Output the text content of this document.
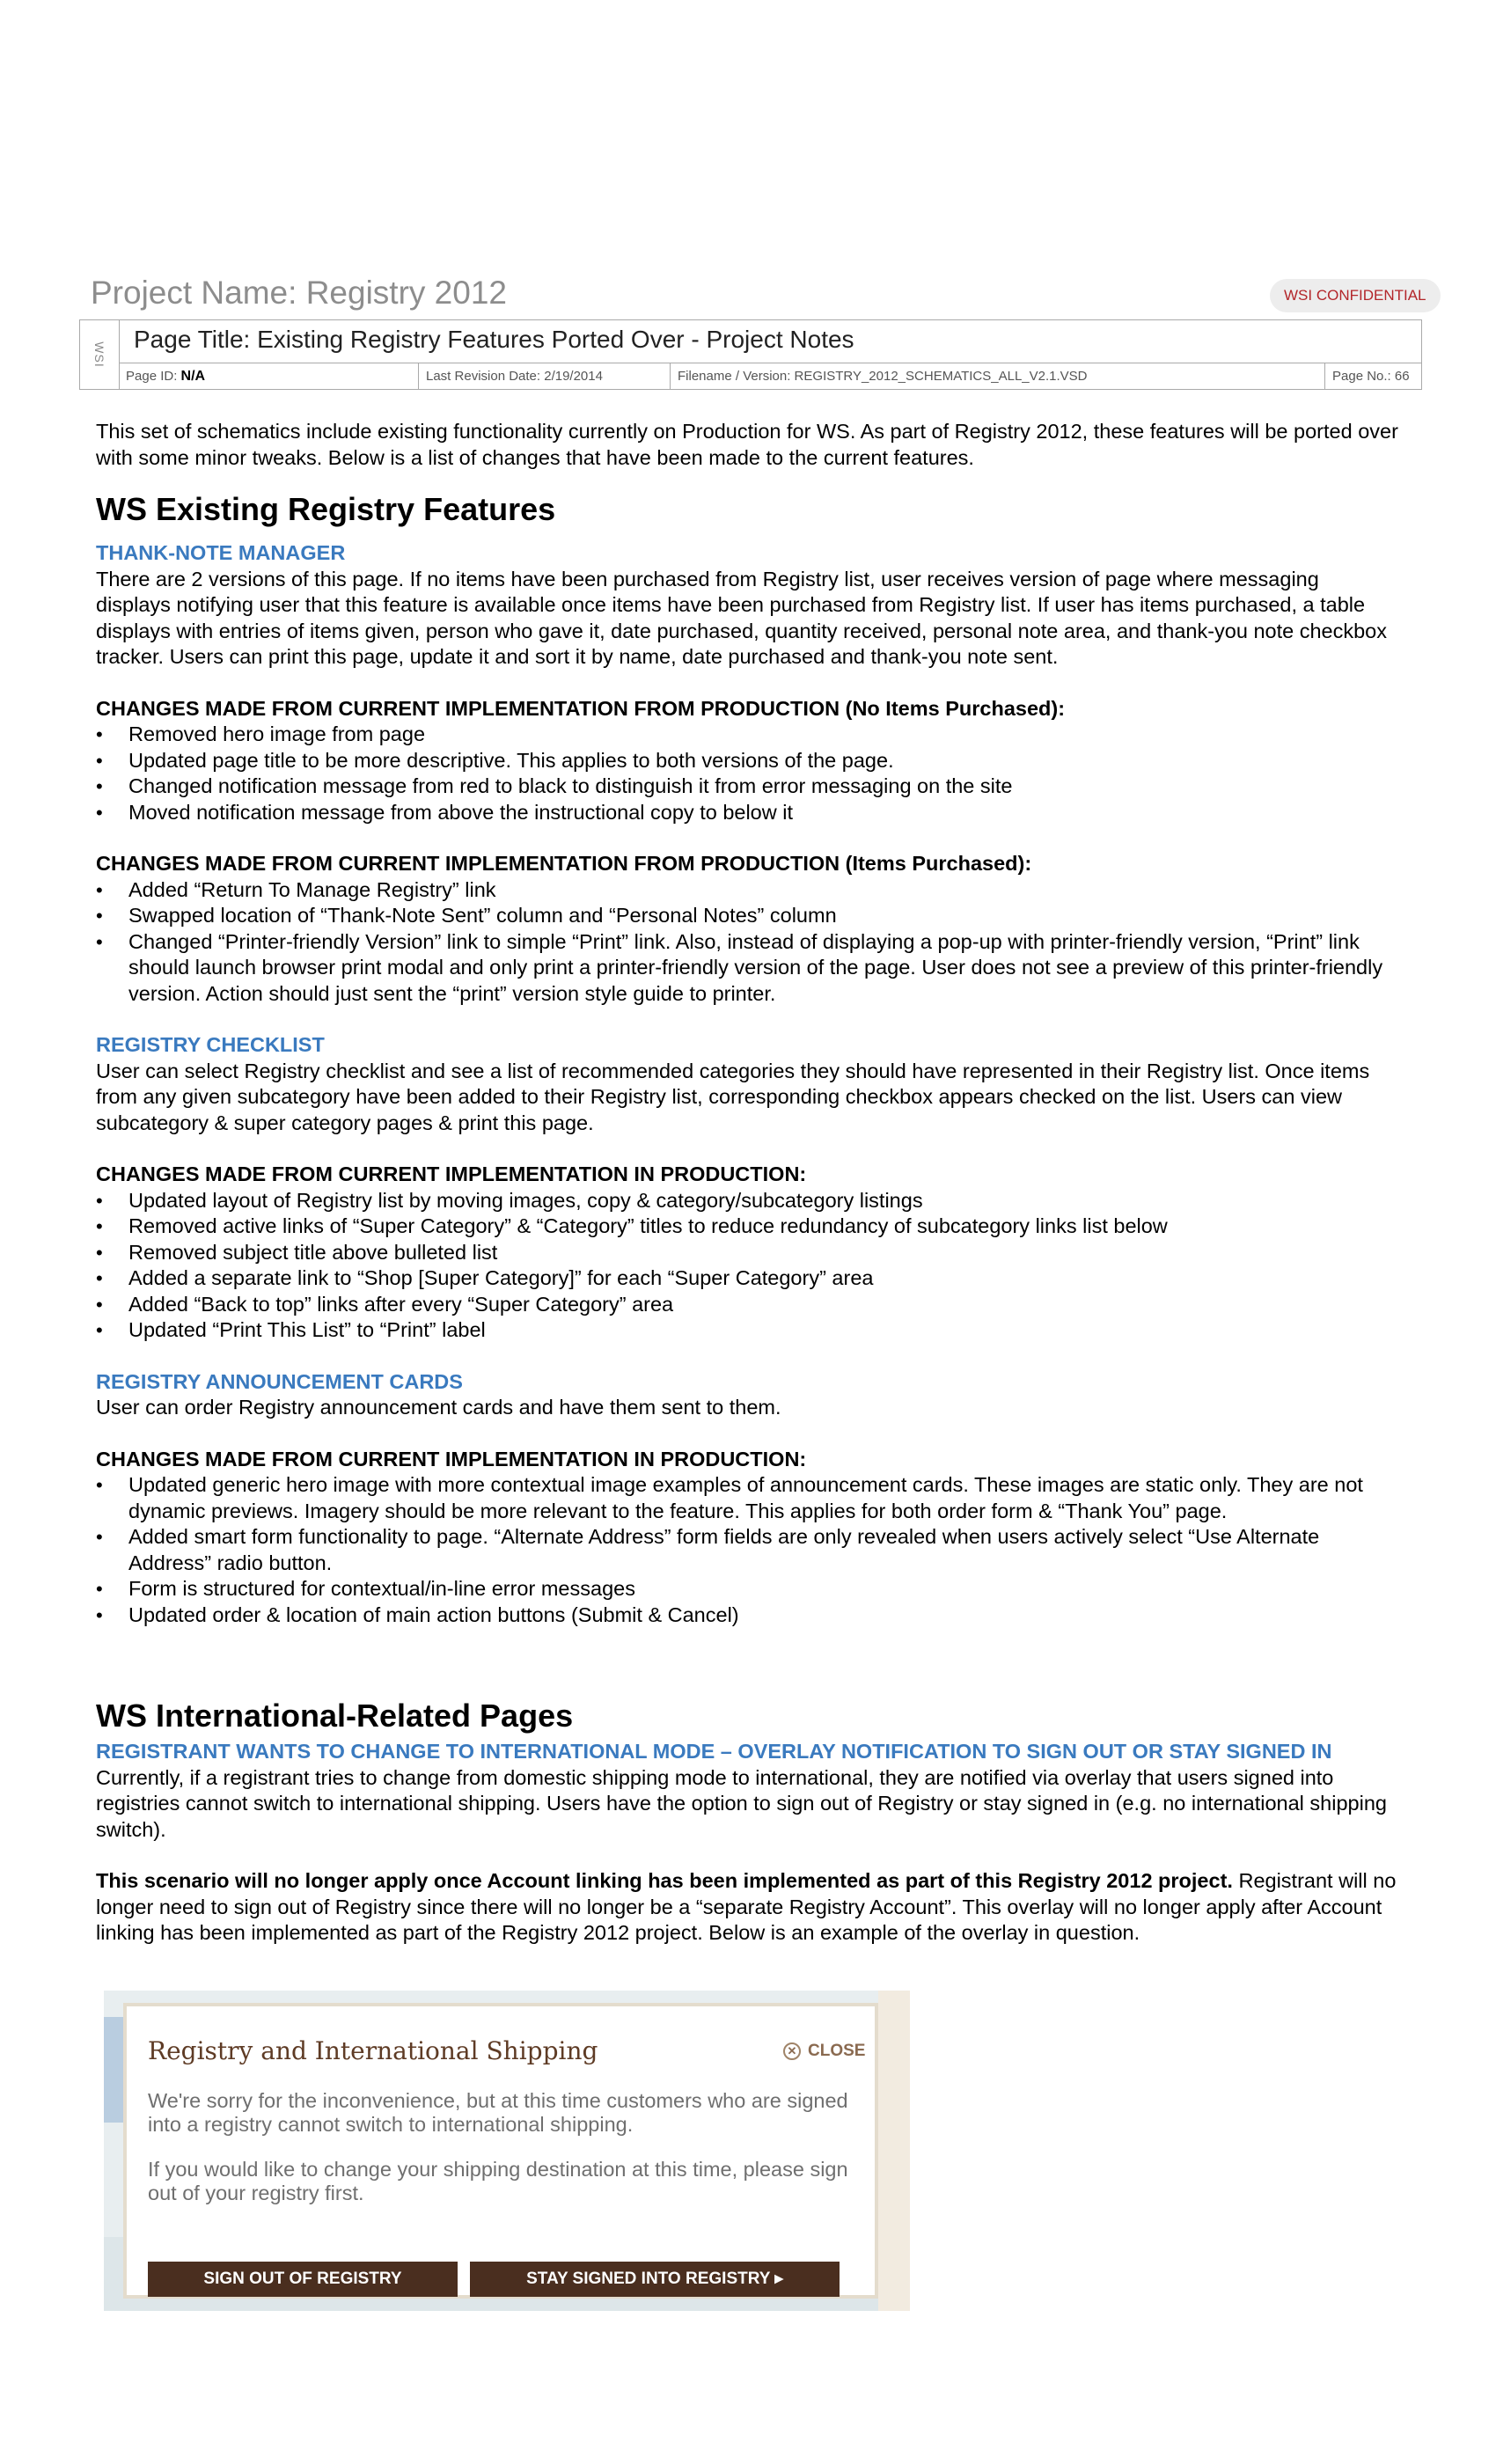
Project Name: Registry 2012	WSI CONFIDENTIAL
WSI
Page Title: Existing Registry Features Ported Over - Project Notes
Page ID: N/A	Last Revision Date: 2/19/2014	Filename / Version: REGISTRY_2012_SCHEMATICS_ALL_V2.1.VSD	Page No.: 66

This set of schematics include existing functionality currently on Production for WS. As part of Registry 2012, these features will be ported over with some minor tweaks. Below is a list of changes that have been made to the current features.

WS Existing Registry Features
THANK-NOTE MANAGER

There are 2 versions of this page. If no items have been purchased from Registry list, user receives version of page where messaging displays notifying user that this feature is available once items have been purchased from Registry list. If user has items purchased, a table displays with entries of items given, person who gave it, date purchased, quantity received, personal note area, and thank-you note checkbox tracker. Users can print this page, update it and sort it by name, date purchased and thank-you note sent.

CHANGES MADE FROM CURRENT IMPLEMENTATION FROM PRODUCTION (No Items Purchased):
• Removed hero image from page
• Updated page title to be more descriptive. This applies to both versions of the page.
• Changed notification message from red to black to distinguish it from error messaging on the site
• Moved notification message from above the instructional copy to below it
CHANGES MADE FROM CURRENT IMPLEMENTATION FROM PRODUCTION (Items Purchased):
• Added “Return To Manage Registry” link
• Swapped location of “Thank-Note Sent” column and “Personal Notes” column
• Changed “Printer-friendly Version” link to simple “Print” link. Also, instead of displaying a pop-up with printer-friendly version, “Print” link should launch browser print modal and only print a printer-friendly version of the page. User does not see a preview of this printer-friendly version. Action should just sent the “print” version style guide to printer.
REGISTRY CHECKLIST

User can select Registry checklist and see a list of recommended categories they should have represented in their Registry list. Once items from any given subcategory have been added to their Registry list, corresponding checkbox appears checked on the list. Users can view subcategory & super category pages & print this page.

CHANGES MADE FROM CURRENT IMPLEMENTATION IN PRODUCTION:
• Updated layout of Registry list by moving images, copy & category/subcategory listings
• Removed active links of “Super Category” & “Category” titles to reduce redundancy of subcategory links list below
• Removed subject title above bulleted list
• Added a separate link to “Shop [Super Category]” for each “Super Category” area
• Added “Back to top” links after every “Super Category” area
• Updated “Print This List” to “Print” label
REGISTRY ANNOUNCEMENT CARDS

User can order Registry announcement cards and have them sent to them.

CHANGES MADE FROM CURRENT IMPLEMENTATION IN PRODUCTION:
• Updated generic hero image with more contextual image examples of announcement cards. These images are static only. They are not dynamic previews. Imagery should be more relevant to the feature. This applies for both order form & “Thank You” page.
• Added smart form functionality to page. “Alternate Address” form fields are only revealed when users actively select “Use Alternate Address” radio button.
• Form is structured for contextual/in-line error messages
• Updated order & location of main action buttons (Submit & Cancel)
WS International-Related Pages
REGISTRANT WANTS TO CHANGE TO INTERNATIONAL MODE – OVERLAY NOTIFICATION TO SIGN OUT OR STAY SIGNED IN

Currently, if a registrant tries to change from domestic shipping mode to international, they are notified via overlay that users signed into registries cannot switch to international shipping. Users have the option to sign out of Registry or stay signed in (e.g. no international shipping switch).

This scenario will no longer apply once Account linking has been implemented as part of this Registry 2012 project. Registrant will no longer need to sign out of Registry since there will no longer be a “separate Registry Account”. This overlay will no longer apply after Account linking has been implemented as part of the Registry 2012 project. Below is an example of the overlay in question.

Registry and International Shipping	✕ CLOSE

We're sorry for the inconvenience, but at this time customers who are signed into a registry cannot switch to international shipping.

If you would like to change your shipping destination at this time, please sign out of your registry first.

SIGN OUT OF REGISTRY	STAY SIGNED INTO REGISTRY ▸
